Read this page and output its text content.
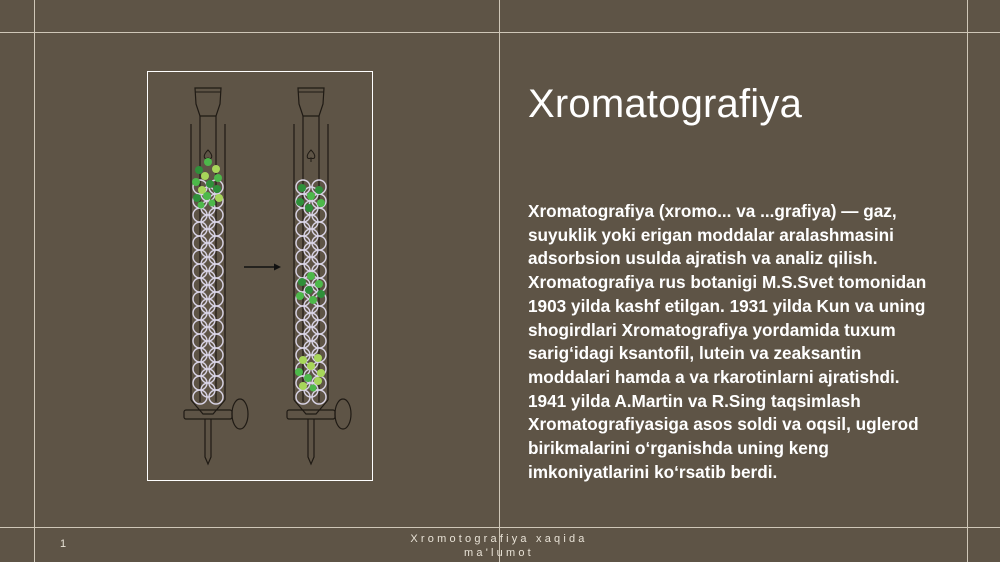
Xromatografiya

Xromatografiya (xromo... va ...grafiya) — gaz, suyuklik yoki erigan moddalar aralashmasini adsorbsion usulda ajratish va analiz qilish. Xromatografiya rus botanigi M.S.Svet tomonidan 1903 yilda kashf etilgan. 1931 yilda Kun va uning shogirdlari Xromatografiya yordamida tuxum sarig‘idagi ksantofil, lutein va zeaksantin moddalari hamda a va rkarotinlarni ajratishdi. 1941 yilda A.Martin va R.Sing taqsimlash Xromatografiyasiga asos soldi va oqsil, uglerod birikmalarini o‘rganishda uning keng imkoniyatlarini ko‘rsatib berdi.

1	Xromotografiya xaqida ma'lumot
